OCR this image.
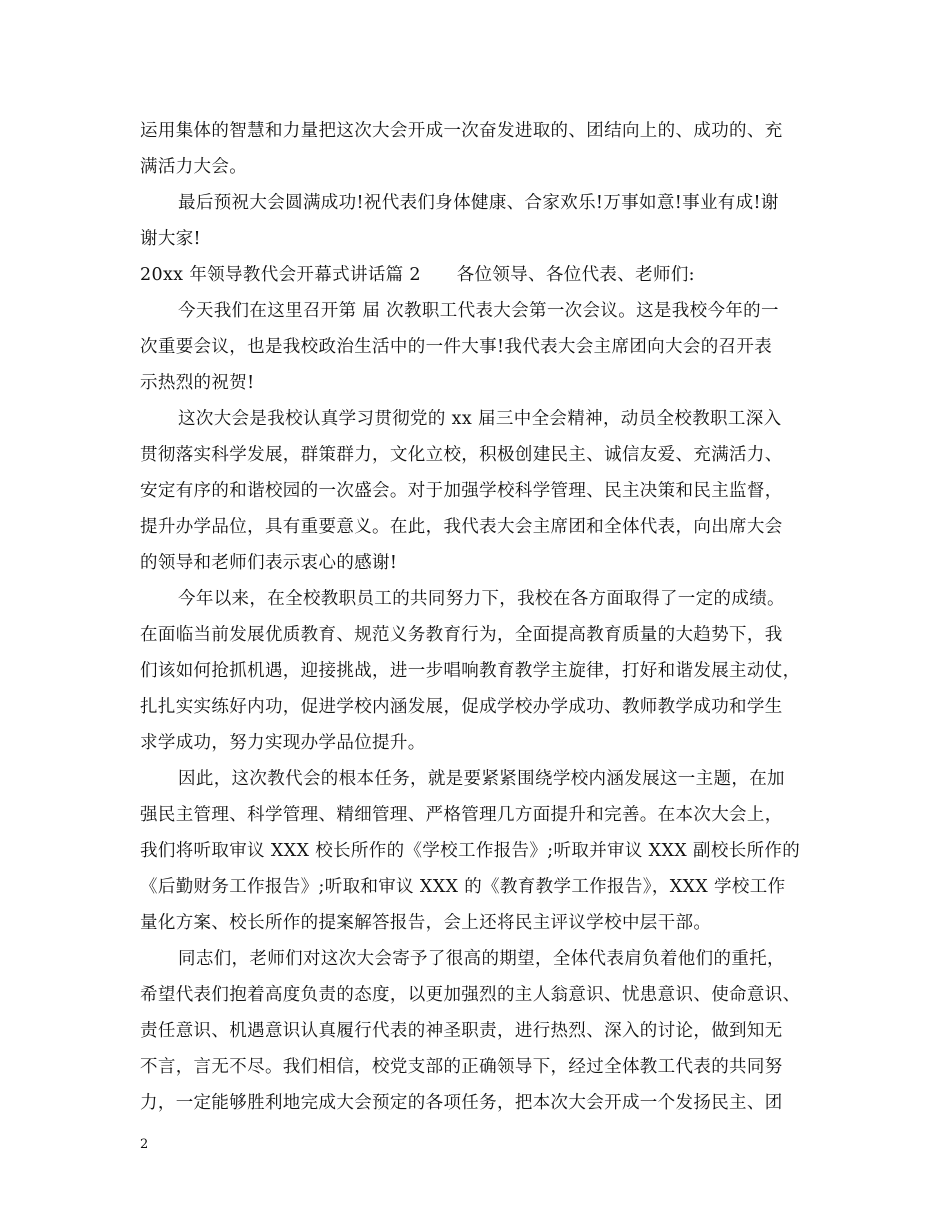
运用集体的智慧和力量把这次大会开成一次奋发进取的、团结向上的、成功的、充
满活力大会。
最后预祝大会圆满成功!祝代表们身体健康、合家欢乐!万事如意!事业有成!谢
谢大家!
20xx 年领导教代会开幕式讲话篇 2　　各位领导、各位代表、老师们:
今天我们在这里召开第 届 次教职工代表大会第一次会议。这是我校今年的一
次重要会议，也是我校政治生活中的一件大事!我代表大会主席团向大会的召开表
示热烈的祝贺!
这次大会是我校认真学习贯彻党的 xx 届三中全会精神，动员全校教职工深入
贯彻落实科学发展，群策群力，文化立校，积极创建民主、诚信友爱、充满活力、
安定有序的和谐校园的一次盛会。对于加强学校科学管理、民主决策和民主监督，
提升办学品位，具有重要意义。在此，我代表大会主席团和全体代表，向出席大会
的领导和老师们表示衷心的感谢!
今年以来，在全校教职员工的共同努力下，我校在各方面取得了一定的成绩。
在面临当前发展优质教育、规范义务教育行为，全面提高教育质量的大趋势下，我
们该如何抢抓机遇，迎接挑战，进一步唱响教育教学主旋律，打好和谐发展主动仗，
扎扎实实练好内功，促进学校内涵发展，促成学校办学成功、教师教学成功和学生
求学成功，努力实现办学品位提升。
因此，这次教代会的根本任务，就是要紧紧围绕学校内涵发展这一主题，在加
强民主管理、科学管理、精细管理、严格管理几方面提升和完善。在本次大会上，
我们将听取审议 XXX 校长所作的《学校工作报告》;听取并审议 XXX 副校长所作的
《后勤财务工作报告》;听取和审议 XXX 的《教育教学工作报告》，XXX 学校工作
量化方案、校长所作的提案解答报告，会上还将民主评议学校中层干部。
同志们，老师们对这次大会寄予了很高的期望，全体代表肩负着他们的重托，
希望代表们抱着高度负责的态度，以更加强烈的主人翁意识、忧患意识、使命意识、
责任意识、机遇意识认真履行代表的神圣职责，进行热烈、深入的讨论，做到知无
不言，言无不尽。我们相信，校党支部的正确领导下，经过全体教工代表的共同努
力，一定能够胜利地完成大会预定的各项任务，把本次大会开成一个发扬民主、团
2
